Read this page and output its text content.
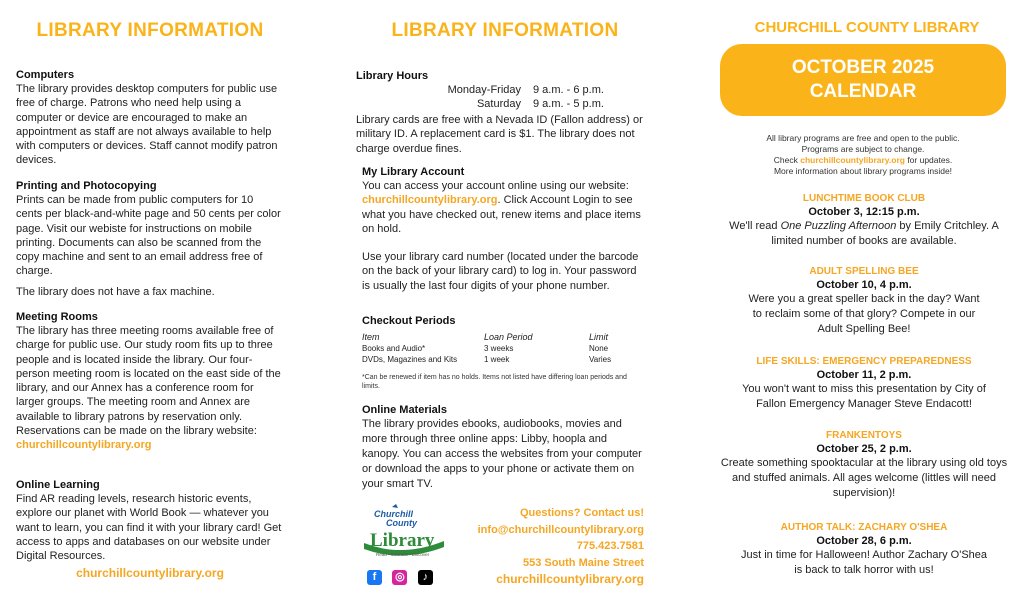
LIBRARY INFORMATION

Computers

The library provides desktop computers for public use free of charge. Patrons who need help using a computer or device are encouraged to make an appointment as staff are not always available to help with computers or devices. Staff cannot modify patron devices.

Printing and Photocopying

Prints can be made from public computers for 10 cents per black-and-white page and 50 cents per color page. Visit our webiste for instructions on mobile printing. Documents can also be scanned from the copy machine and sent to an email address free of charge.

The library does not have a fax machine.

Meeting Rooms

The library has three meeting rooms available free of charge for public use. Our study room fits up to three people and is located inside the library. Our four-person meeting room is located on the east side of the library, and our Annex has a conference room for larger groups. The meeting room and Annex are available to library patrons by reservation only. Reservations can be made on the library website:

churchillcountylibrary.org

Online Learning

Find AR reading levels, research historic events, explore our planet with World Book — whatever you want to learn, you can find it with your library card! Get access to apps and databases on our website under Digital Resources.

churchillcountylibrary.org

LIBRARY INFORMATION

Library Hours

Monday-Friday	9 a.m. - 6 p.m.
Saturday	9 a.m. - 5 p.m.

Library cards are free with a Nevada ID (Fallon address) or military ID. A replacement card is $1. The library does not charge overdue fines.

My Library Account

You can access your account online using our website: churchillcountylibrary.org. Click Account Login to see what you have checked out, renew items and place items on hold.

Use your library card number (located under the barcode on the back of your library card) to log in. Your password is usually the last four digits of your phone number.

Checkout Periods

Item	Loan Period	Limit
Books and Audio*	3 weeks	None
DVDs, Magazines and Kits	1 week	Varies

*Can be renewed if item has no holds. Items not listed have differing loan periods and limits.

Online Materials

The library provides ebooks, audiobooks, movies and more through three online apps: Libby, hoopla and kanopy. You can access the websites from your computer or download the apps to your phone or activate them on your smart TV.

Churchill
County
Library
Read • Connect • Discover
f ◎ ♪
Questions? Contact us!
info@churchillcountylibrary.org
775.423.7581
553 South Maine Street
churchillcountylibrary.org
CHURCHILL COUNTY LIBRARY
OCTOBER 2025
CALENDAR
All library programs are free and open to the public.
Programs are subject to change.
Check churchillcountylibrary.org for updates.
More information about library programs inside!

LUNCHTIME BOOK CLUB

October 3, 12:15 p.m.

We'll read One Puzzling Afternoon by Emily Critchley. A limited number of books are available.

ADULT SPELLING BEE

October 10, 4 p.m.

Were you a great speller back in the day? Want to reclaim some of that glory? Compete in our Adult Spelling Bee!

LIFE SKILLS: EMERGENCY PREPAREDNESS

October 11, 2 p.m.

You won't want to miss this presentation by City of Fallon Emergency Manager Steve Endacott!

FRANKENTOYS

October 25, 2 p.m.

Create something spooktacular at the library using old toys and stuffed animals. All ages welcome (littles will need supervision)!

AUTHOR TALK: ZACHARY O'SHEA

October 28, 6 p.m.

Just in time for Halloween! Author Zachary O'Shea is back to talk horror with us!
